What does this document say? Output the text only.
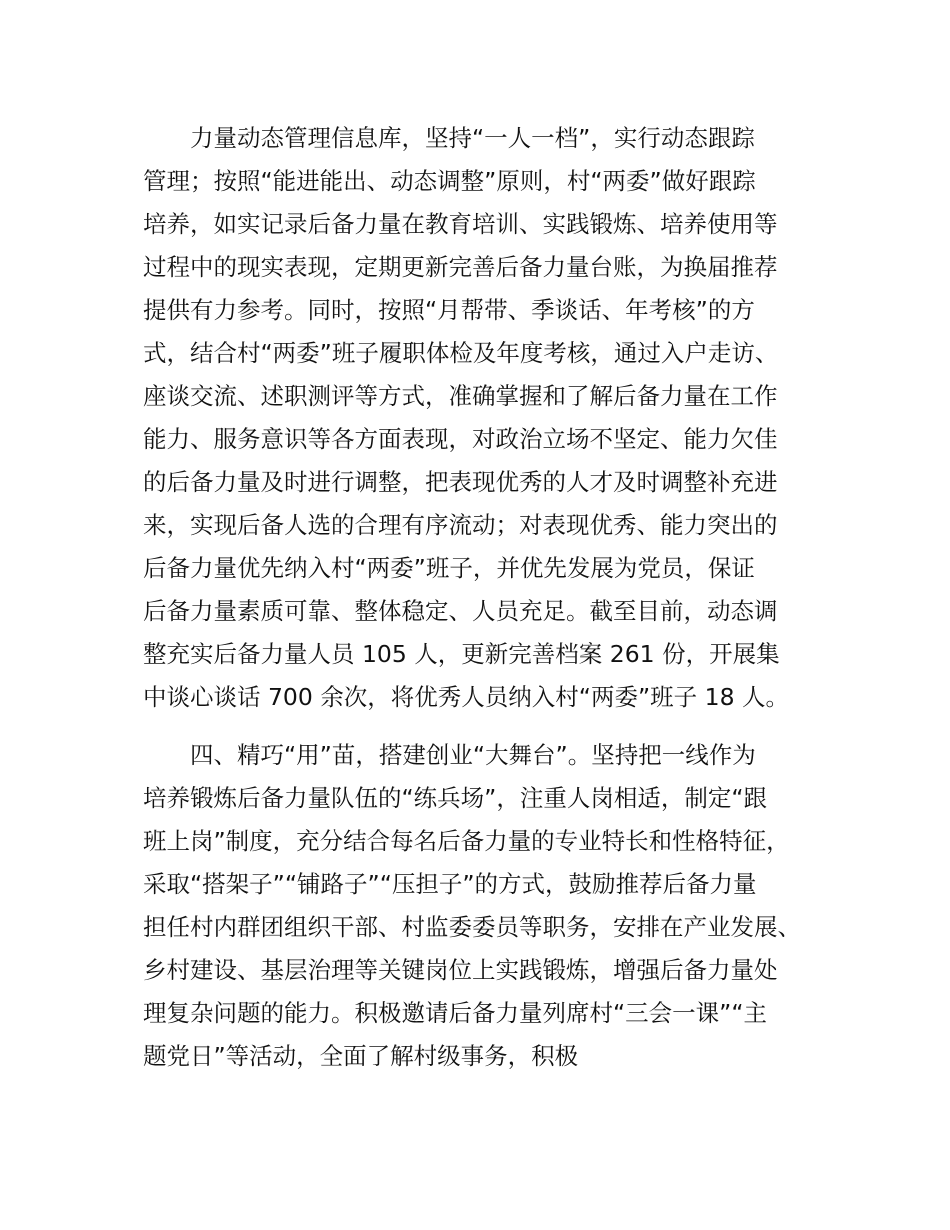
力量动态管理信息库，坚持“一人一档”，实行动态跟踪
管理；按照“能进能出、动态调整”原则，村“两委”做好跟踪
培养，如实记录后备力量在教育培训、实践锻炼、培养使用等
过程中的现实表现，定期更新完善后备力量台账，为换届推荐
提供有力参考。同时，按照“月帮带、季谈话、年考核”的方
式，结合村“两委”班子履职体检及年度考核，通过入户走访、
座谈交流、述职测评等方式，准确掌握和了解后备力量在工作
能力、服务意识等各方面表现，对政治立场不坚定、能力欠佳
的后备力量及时进行调整，把表现优秀的人才及时调整补充进
来，实现后备人选的合理有序流动；对表现优秀、能力突出的
后备力量优先纳入村“两委”班子，并优先发展为党员，保证
后备力量素质可靠、整体稳定、人员充足。截至目前，动态调
整充实后备力量人员 105 人，更新完善档案 261 份，开展集
中谈心谈话 700 余次，将优秀人员纳入村“两委”班子 18 人。
四、精巧“用”苗，搭建创业“大舞台”。坚持把一线作为
培养锻炼后备力量队伍的“练兵场”，注重人岗相适，制定“跟
班上岗”制度，充分结合每名后备力量的专业特长和性格特征，
采取“搭架子”“铺路子”“压担子”的方式，鼓励推荐后备力量
担任村内群团组织干部、村监委委员等职务，安排在产业发展、
乡村建设、基层治理等关键岗位上实践锻炼，增强后备力量处
理复杂问题的能力。积极邀请后备力量列席村“三会一课”“主
题党日”等活动，全面了解村级事务，积极
